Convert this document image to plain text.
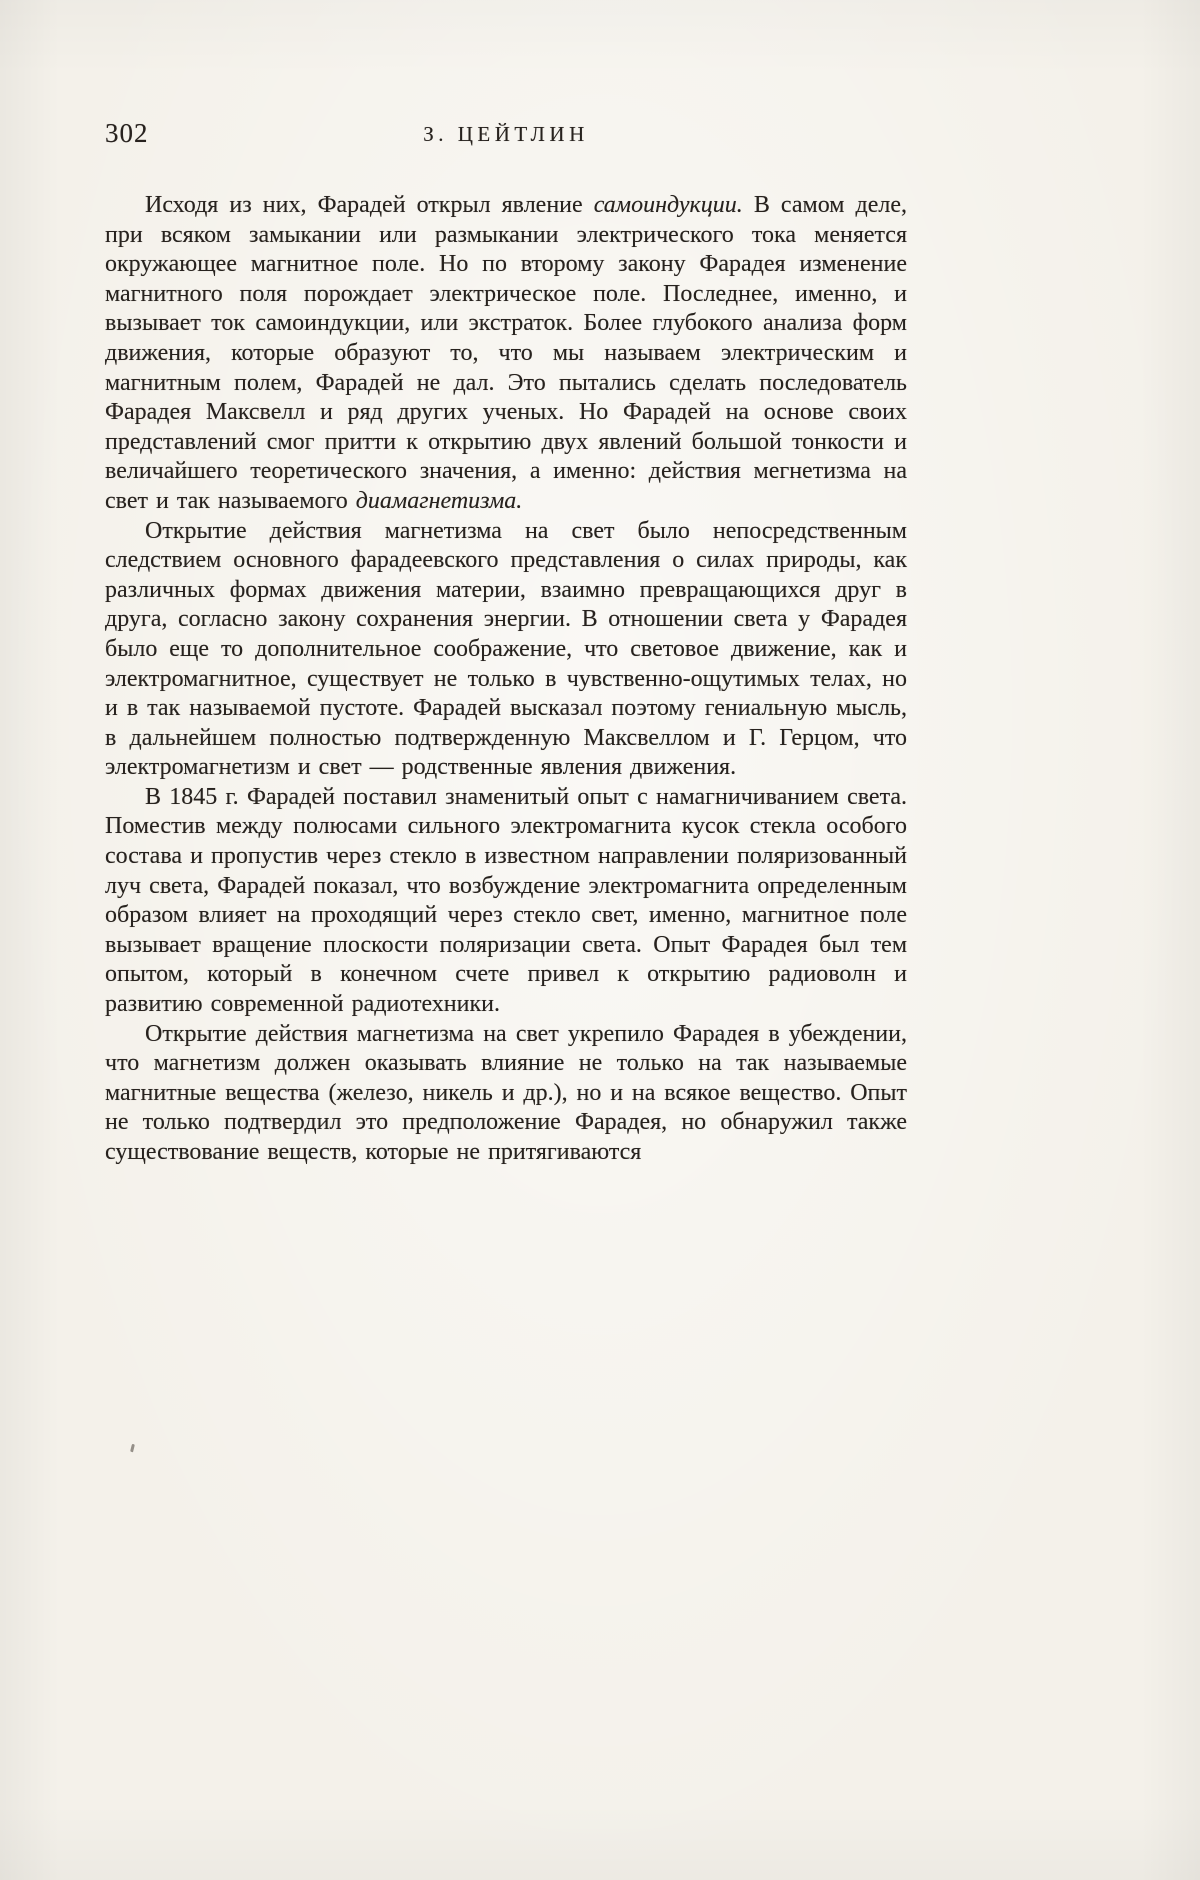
302	З. ЦЕЙТЛИН

Исходя из них, Фарадей открыл явление самоиндукции. В самом деле, при всяком замыкании или размыкании электрического тока меняется окружающее магнитное поле. Но по второму закону Фарадея изменение магнитного поля порождает электрическое поле. Последнее, именно, и вызывает ток самоиндукции, или экстраток. Более глубокого анализа форм движения, которые образуют то, что мы называем электрическим и магнитным полем, Фарадей не дал. Это пытались сделать последователь Фарадея Максвелл и ряд других ученых. Но Фарадей на основе своих представлений смог притти к открытию двух явлений большой тонкости и величайшего теоретического значения, а именно: действия мегнетизма на свет и так называемого диамагнетизма.

Открытие действия магнетизма на свет было непосредственным следствием основного фарадеевского представления о силах природы, как различных формах движения материи, взаимно превращающихся друг в друга, согласно закону сохранения энергии. В отношении света у Фарадея было еще то дополнительное соображение, что световое движение, как и электромагнитное, существует не только в чувственно-ощутимых телах, но и в так называемой пустоте. Фарадей высказал поэтому гениальную мысль, в дальнейшем полностью подтвержденную Максвеллом и Г. Герцом, что электромагнетизм и свет — родственные явления движения.

В 1845 г. Фарадей поставил знаменитый опыт с намагничиванием света. Поместив между полюсами сильного электромагнита кусок стекла особого состава и пропустив через стекло в известном направлении поляризованный луч света, Фарадей показал, что возбуждение электромагнита определенным образом влияет на проходящий через стекло свет, именно, магнитное поле вызывает вращение плоскости поляризации света. Опыт Фарадея был тем опытом, который в конечном счете привел к открытию радиоволн и развитию современной радиотехники.

Открытие действия магнетизма на свет укрепило Фарадея в убеждении, что магнетизм должен оказывать влияние не только на так называемые магнитные вещества (железо, никель и др.), но и на всякое вещество. Опыт не только подтвердил это предположение Фарадея, но обнаружил также существование веществ, которые не притягиваются
